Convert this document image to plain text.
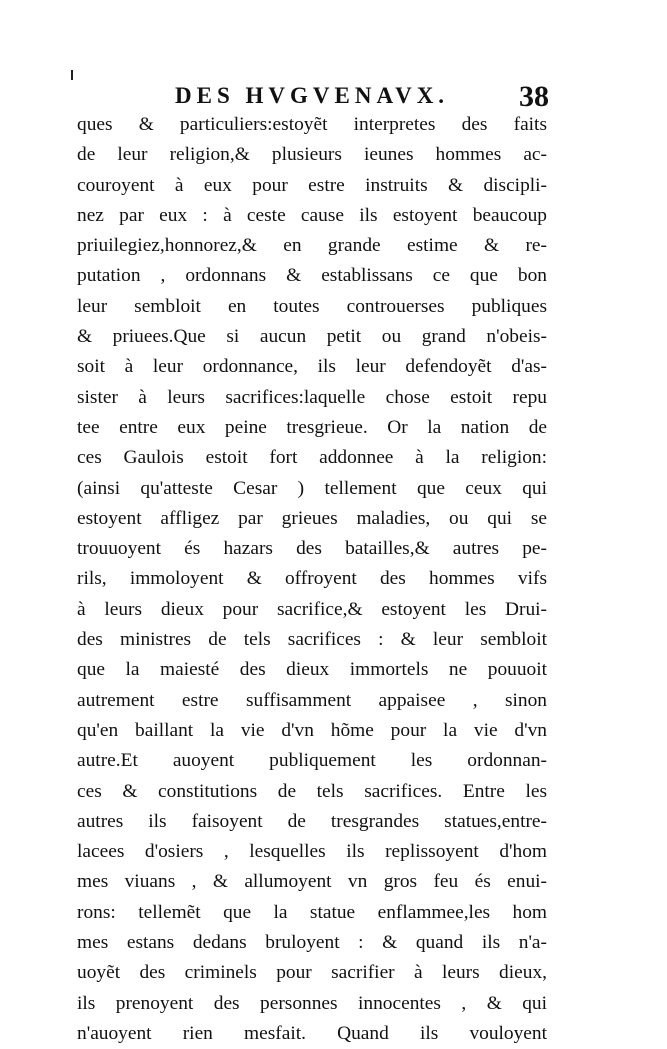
DES HVGVENAVX. 38
ques & particuliers:estoyẽt interpretes des faits
de leur religion,& plusieurs ieunes hommes ac-
couroyent à eux pour estre instruits & discipli-
nez par eux : à ceste cause ils estoyent beaucoup
priuilegiez,honnorez,& en grande estime & re-
putation , ordonnans & establissans ce que bon
leur sembloit en toutes controuerses publiques
& priuees.Que si aucun petit ou grand n'obeis-
soit à leur ordonnance, ils leur defendoyẽt d'as-
sister à leurs sacrifices:laquelle chose estoit repu
tee entre eux peine tresgrieue. Or la nation de
ces Gaulois estoit fort addonnee à la religion:
(ainsi qu'atteste Cesar ) tellement que ceux qui
estoyent affligez par grieues maladies, ou qui se
trouuoyent és hazars des batailles,& autres pe-
rils, immoloyent & offroyent des hommes vifs
à leurs dieux pour sacrifice,& estoyent les Drui-
des ministres de tels sacrifices : & leur sembloit
que la maiesté des dieux immortels ne pouuoit
autrement estre suffisamment appaisee , sinon
qu'en baillant la vie d'vn hõme pour la vie d'vn
autre.Et auoyent publiquement les ordonnan-
ces & constitutions de tels sacrifices. Entre les
autres ils faisoyent de tresgrandes statues,entre-
lacees d'osiers , lesquelles ils replissoyent d'hom
mes viuans , & allumoyent vn gros feu és enui-
rons: tellemẽt que la statue enflammee,les hom
mes estans dedans bruloyent : & quand ils n'a-
uoyẽt des criminels pour sacrifier à leurs dieux,
ils prenoyent des personnes innocentes , & qui
n'auoyent rien mesfait. Quand ils vouloyent
